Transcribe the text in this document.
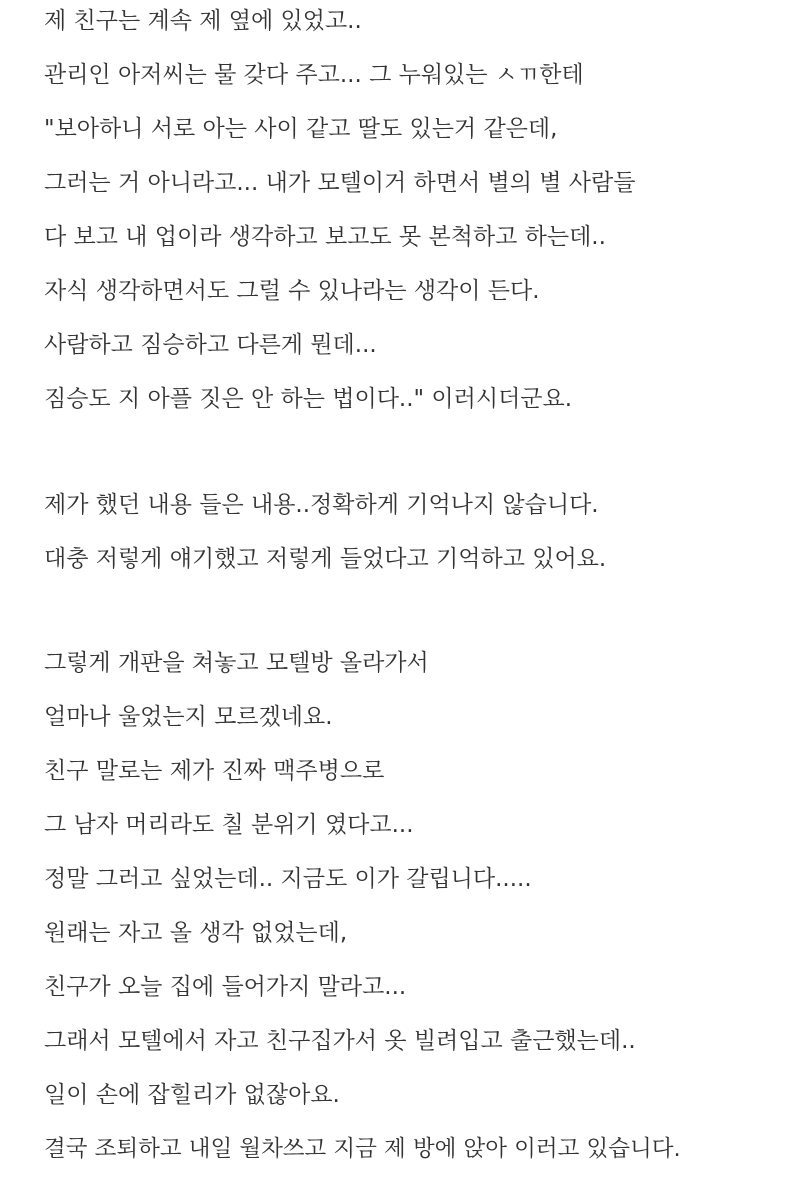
제 친구는 계속 제 옆에 있었고..
관리인 아저씨는 물 갖다 주고... 그 누워있는 ㅅㄲ한테
"보아하니 서로 아는 사이 같고 딸도 있는거 같은데,
그러는 거 아니라고... 내가 모텔이거 하면서 별의 별 사람들
다 보고 내 업이라 생각하고 보고도 못 본척하고 하는데..
자식 생각하면서도 그럴 수 있나라는 생각이 든다.
사람하고 짐승하고 다른게 뭔데...
짐승도 지 아플 짓은 안 하는 법이다.." 이러시더군요.
제가 했던 내용 들은 내용..정확하게 기억나지 않습니다.
대충 저렇게 얘기했고 저렇게 들었다고 기억하고 있어요.
그렇게 개판을 쳐놓고 모텔방 올라가서
얼마나 울었는지 모르겠네요.
친구 말로는 제가 진짜 맥주병으로
그 남자 머리라도 칠 분위기 였다고...
정말 그러고 싶었는데.. 지금도 이가 갈립니다.....
원래는 자고 올 생각 없었는데,
친구가 오늘 집에 들어가지 말라고...
그래서 모텔에서 자고 친구집가서 옷 빌려입고 출근했는데..
일이 손에 잡힐리가 없잖아요.
결국 조퇴하고 내일 월차쓰고 지금 제 방에 앉아 이러고 있습니다.
